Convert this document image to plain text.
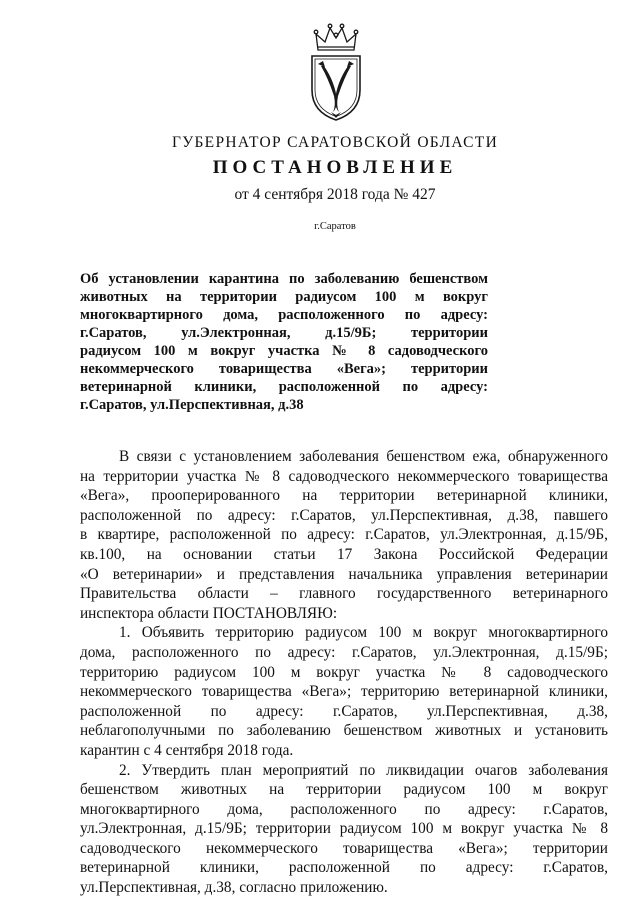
ГУБЕРНАТОР САРАТОВСКОЙ ОБЛАСТИ
ПОСТАНОВЛЕНИЕ
от 4 сентября 2018 года № 427
г.Саратов
Об установлении карантина по заболеванию бешенством
животных на территории радиусом 100 м вокруг
многоквартирного дома, расположенного по адресу:
г.Саратов, ул.Электронная, д.15/9Б; территории
радиусом 100 м вокруг участка № 8 садоводческого
некоммерческого товарищества «Вега»; территории
ветеринарной клиники, расположенной по адресу:
г.Саратов, ул.Перспективная, д.38
В связи с установлением заболевания бешенством ежа, обнаруженного
на территории участка № 8 садоводческого некоммерческого товарищества
«Вега», прооперированного на территории ветеринарной клиники,
расположенной по адресу: г.Саратов, ул.Перспективная, д.38, павшего
в квартире, расположенной по адресу: г.Саратов, ул.Электронная, д.15/9Б,
кв.100, на основании статьи 17 Закона Российской Федерации
«О ветеринарии» и представления начальника управления ветеринарии
Правительства области – главного государственного ветеринарного
инспектора области ПОСТАНОВЛЯЮ:
1. Объявить территорию радиусом 100 м вокруг многоквартирного
дома, расположенного по адресу: г.Саратов, ул.Электронная, д.15/9Б;
территорию радиусом 100 м вокруг участка № 8 садоводческого
некоммерческого товарищества «Вега»; территорию ветеринарной клиники,
расположенной по адресу: г.Саратов, ул.Перспективная, д.38,
неблагополучными по заболеванию бешенством животных и установить
карантин с 4 сентября 2018 года.
2. Утвердить план мероприятий по ликвидации очагов заболевания
бешенством животных на территории радиусом 100 м вокруг
многоквартирного дома, расположенного по адресу: г.Саратов,
ул.Электронная, д.15/9Б; территории радиусом 100 м вокруг участка № 8
садоводческого некоммерческого товарищества «Вега»; территории
ветеринарной клиники, расположенной по адресу: г.Саратов,
ул.Перспективная, д.38, согласно приложению.
